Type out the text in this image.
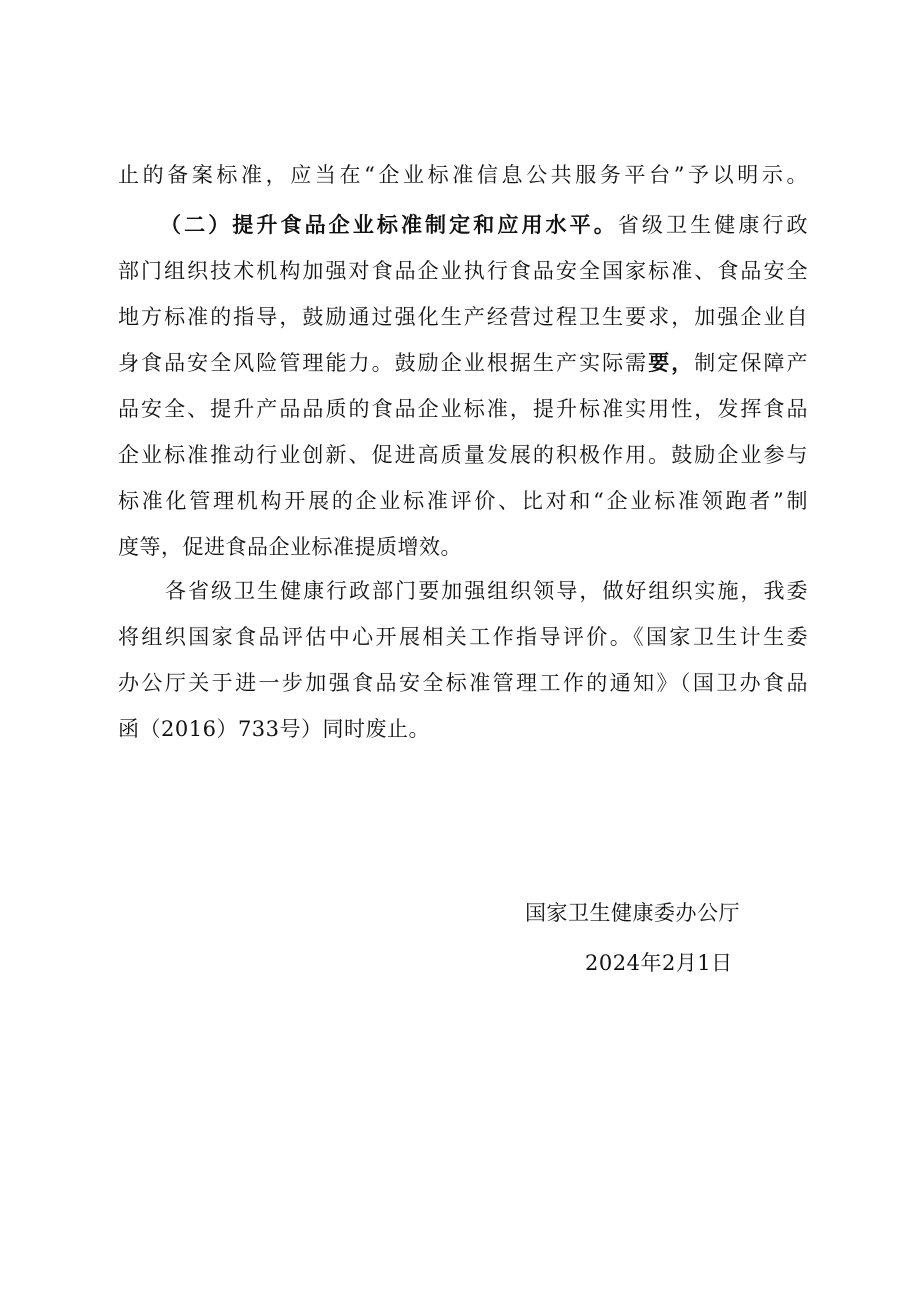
止的备案标准，应当在“企业标准信息公共服务平台”予以明示。
（二）提升食品企业标准制定和应用水平。省级卫生健康行政
部门组织技术机构加强对食品企业执行食品安全国家标准、食品安全
地方标准的指导，鼓励通过强化生产经营过程卫生要求，加强企业自
身食品安全风险管理能力。鼓励企业根据生产实际需要，制定保障产
品安全、提升产品品质的食品企业标准，提升标准实用性，发挥食品
企业标准推动行业创新、促进高质量发展的积极作用。鼓励企业参与
标准化管理机构开展的企业标准评价、比对和“企业标准领跑者”制
度等，促进食品企业标准提质增效。
各省级卫生健康行政部门要加强组织领导，做好组织实施，我委
将组织国家食品评估中心开展相关工作指导评价。《国家卫生计生委
办公厅关于进一步加强食品安全标准管理工作的通知》（国卫办食品
函（2016）733号）同时废止。
国家卫生健康委办公厅
2024年2月1日
